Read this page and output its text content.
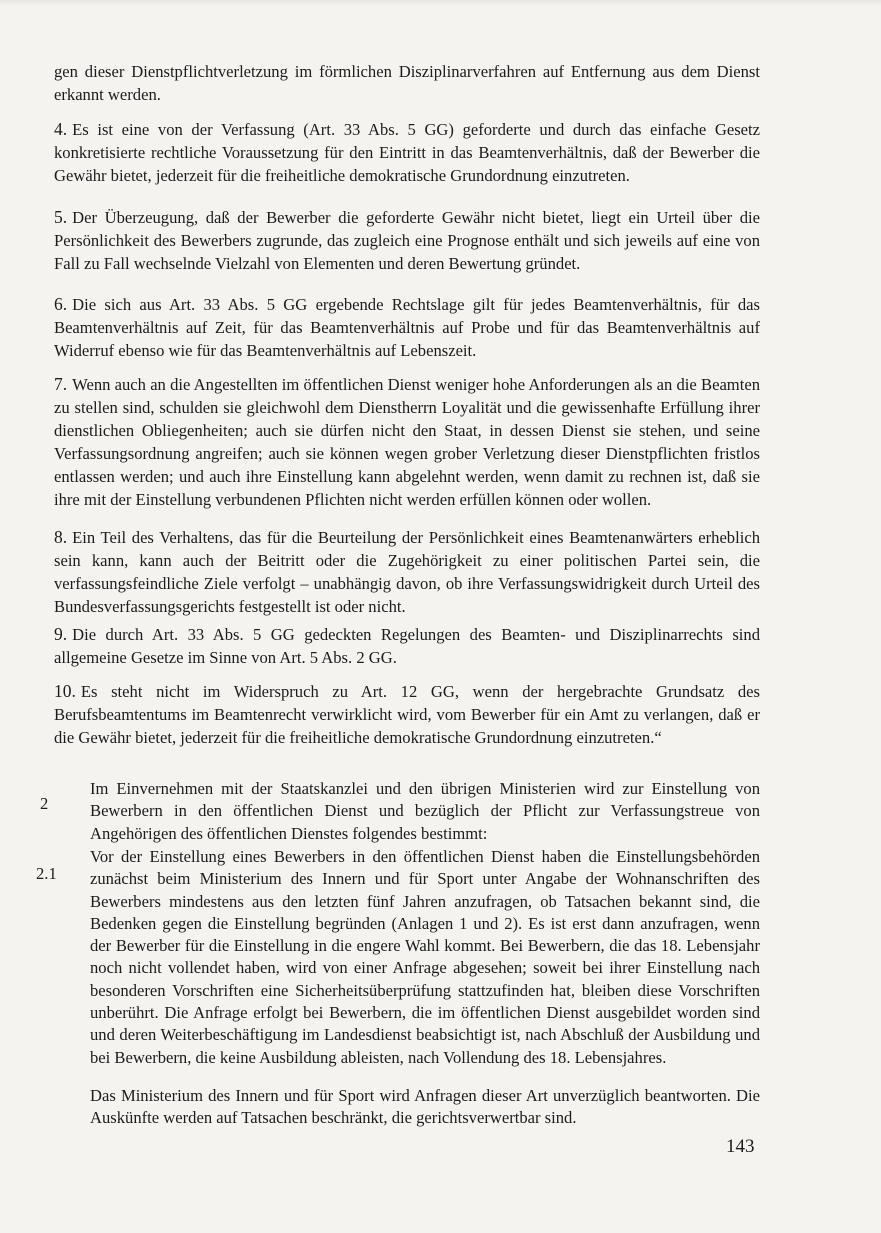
gen dieser Dienstpflichtverletzung im förmlichen Disziplinarverfahren auf Entfernung aus dem Dienst erkannt werden.

4. Es ist eine von der Verfassung (Art. 33 Abs. 5 GG) geforderte und durch das einfache Gesetz konkretisierte rechtliche Voraussetzung für den Eintritt in das Beamtenverhältnis, daß der Bewerber die Gewähr bietet, jederzeit für die freiheitliche demokratische Grundordnung einzutreten.

5. Der Überzeugung, daß der Bewerber die geforderte Gewähr nicht bietet, liegt ein Urteil über die Persönlichkeit des Bewerbers zugrunde, das zugleich eine Prognose enthält und sich jeweils auf eine von Fall zu Fall wechselnde Vielzahl von Elementen und deren Bewertung gründet.

6. Die sich aus Art. 33 Abs. 5 GG ergebende Rechtslage gilt für jedes Beamtenverhältnis, für das Beamtenverhältnis auf Zeit, für das Beamtenverhältnis auf Probe und für das Beamtenverhältnis auf Widerruf ebenso wie für das Beamtenverhältnis auf Lebenszeit.

7. Wenn auch an die Angestellten im öffentlichen Dienst weniger hohe Anforderungen als an die Beamten zu stellen sind, schulden sie gleichwohl dem Dienstherrn Loyalität und die gewissenhafte Erfüllung ihrer dienstlichen Obliegenheiten; auch sie dürfen nicht den Staat, in dessen Dienst sie stehen, und seine Verfassungsordnung angreifen; auch sie können wegen grober Verletzung dieser Dienstpflichten fristlos entlassen werden; und auch ihre Einstellung kann abgelehnt werden, wenn damit zu rechnen ist, daß sie ihre mit der Einstellung verbundenen Pflichten nicht werden erfüllen können oder wollen.

8. Ein Teil des Verhaltens, das für die Beurteilung der Persönlichkeit eines Beamtenanwärters erheblich sein kann, kann auch der Beitritt oder die Zugehörigkeit zu einer politischen Partei sein, die verfassungsfeindliche Ziele verfolgt – unabhängig davon, ob ihre Verfassungswidrigkeit durch Urteil des Bundesverfassungsgerichts festgestellt ist oder nicht.

9. Die durch Art. 33 Abs. 5 GG gedeckten Regelungen des Beamten- und Disziplinarrechts sind allgemeine Gesetze im Sinne von Art. 5 Abs. 2 GG.

10. Es steht nicht im Widerspruch zu Art. 12 GG, wenn der hergebrachte Grundsatz des Berufsbeamtentums im Beamtenrecht verwirklicht wird, vom Bewerber für ein Amt zu verlangen, daß er die Gewähr bietet, jederzeit für die freiheitliche demokratische Grundordnung einzutreten.“

2

Im Einvernehmen mit der Staatskanzlei und den übrigen Ministerien wird zur Einstellung von Bewerbern in den öffentlichen Dienst und bezüglich der Pflicht zur Verfassungstreue von Angehörigen des öffentlichen Dienstes folgendes bestimmt:

2.1

Vor der Einstellung eines Bewerbers in den öffentlichen Dienst haben die Einstellungsbehörden zunächst beim Ministerium des Innern und für Sport unter Angabe der Wohnanschriften des Bewerbers mindestens aus den letzten fünf Jahren anzufragen, ob Tatsachen bekannt sind, die Bedenken gegen die Einstellung begründen (Anlagen 1 und 2). Es ist erst dann anzufragen, wenn der Bewerber für die Einstellung in die engere Wahl kommt. Bei Bewerbern, die das 18. Lebensjahr noch nicht vollendet haben, wird von einer Anfrage abgesehen; soweit bei ihrer Einstellung nach besonderen Vorschriften eine Sicherheitsüberprüfung stattzufinden hat, bleiben diese Vorschriften unberührt. Die Anfrage erfolgt bei Bewerbern, die im öffentlichen Dienst ausgebildet worden sind und deren Weiterbeschäftigung im Landesdienst beabsichtigt ist, nach Abschluß der Ausbildung und bei Bewerbern, die keine Ausbildung ableisten, nach Vollendung des 18. Lebensjahres.

Das Ministerium des Innern und für Sport wird Anfragen dieser Art unverzüglich beantworten. Die Auskünfte werden auf Tatsachen beschränkt, die gerichtsverwertbar sind.

143
